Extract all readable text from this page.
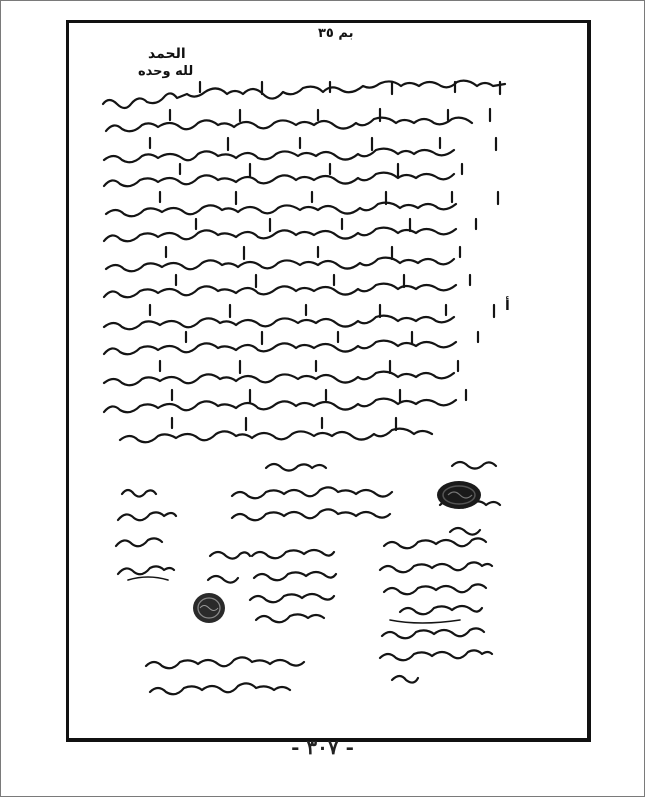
بم ٣٥
الحمد
لله وحده
أ
- ٣٠٧ -
